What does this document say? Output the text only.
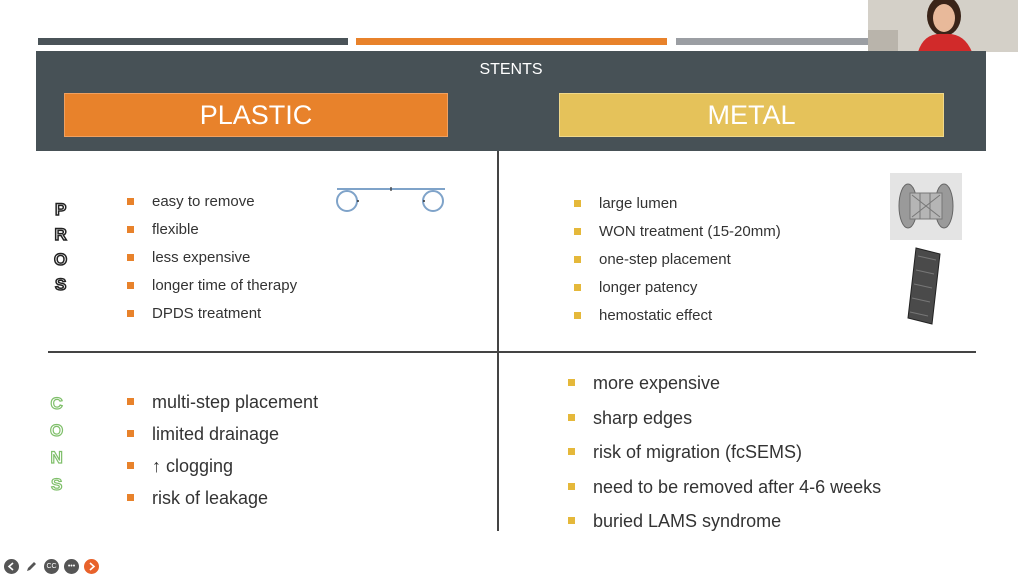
STENTS
PLASTIC	METAL
P
R
O
S
C
O
N
S
easy to remove
flexible
less expensive
longer time of therapy
DPDS treatment
large lumen
WON treatment (15-20mm)
one-step placement
longer patency
hemostatic effect
multi-step placement
limited drainage
↑ clogging
risk of leakage
more expensive
sharp edges
risk of migration (fcSEMS)
need to be removed after 4-6 weeks
buried LAMS syndrome
CC	•••
